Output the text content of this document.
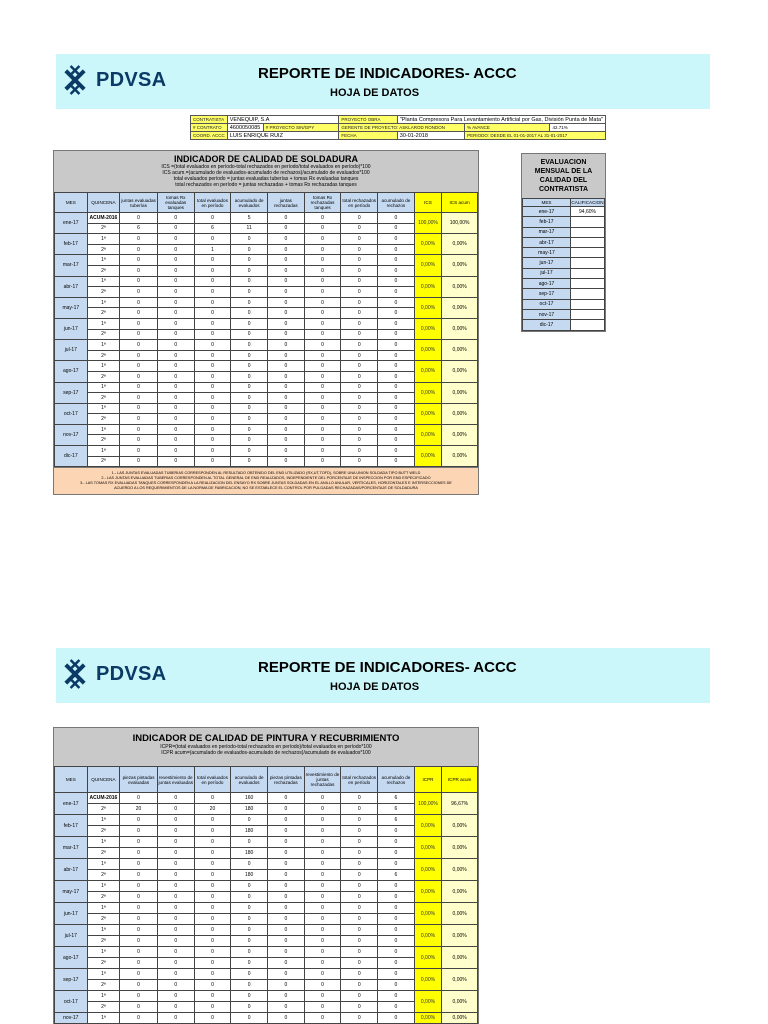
PDVSA	REPORTE DE INDICADORES- ACCC
HOJA DE DATOS
CONTRATISTA	VENEQUIP, S.A		PROYECTO OBRA	"Planta Compresora Para Levantamiento Artificial por Gas, División Punta de Mata"		
# CONTRATO	4600050085	# PROYECTO SIN/GPY	GERENTE DE PROYECTO: ASKLAROD RONDON		% AVANCE	42.71%
COORD. ACCC	LUIS ENRIQUE RUIZ		FECHA	30-01-2018	PERIODO: DESDE EL 01-01-2017 AL 31-01-2017	
INDICADOR DE CALIDAD DE SOLDADURA
ICS =(total evaluados en período-total rechazados en período/total evaluados en período)*100
ICS acum.=(acumulado de evaluados-acumulado de rechazos)/acumulado de evaluados*100
total evaluados período = juntas evaluadas tuberías + tomas Rx evaluadas tanques
total rechazados en período = juntas rechazadas + tomas Rx rechazadas tanques
MES	QUINCENA	juntas evaluadas tuberías	tomas Rx evaluadas tanques	total evaluados en período	acumulado de evaluados	juntas rechazadas	tomas Rx rechazadas tanques	total rechazados en período	acumulado de rechazos	ICS	ICS acum
ene-17	ACUM-2016	0	0	0	5	0	0	0	0	100,00%	100,00%
	2ª	6	0	6	11	0	0	0	0		
feb-17	1ª	0	0	0	0	0	0	0	0	0,00%	0,00%
	2ª	0	0	1	0	0	0	0	0		
mar-17	1ª	0	0	0	0	0	0	0	0	0,00%	0,00%
	2ª	0	0	0	0	0	0	0	0		
abr-17	1ª	0	0	0	0	0	0	0	0	0,00%	0,00%
	2ª	0	0	0	0	0	0	0	0		
may-17	1ª	0	0	0	0	0	0	0	0	0,00%	0,00%
	2ª	0	0	0	0	0	0	0	0		
jun-17	1ª	0	0	0	0	0	0	0	0	0,00%	0,00%
	2ª	0	0	0	0	0	0	0	0		
jul-17	1ª	0	0	0	0	0	0	0	0	0,00%	0,00%
	2ª	0	0	0	0	0	0	0	0		
ago-17	1ª	0	0	0	0	0	0	0	0	0,00%	0,00%
	2ª	0	0	0	0	0	0	0	0		
sep-17	1ª	0	0	0	0	0	0	0	0	0,00%	0,00%
	2ª	0	0	0	0	0	0	0	0		
oct-17	1ª	0	0	0	0	0	0	0	0	0,00%	0,00%
	2ª	0	0	0	0	0	0	0	0		
nov-17	1ª	0	0	0	0	0	0	0	0	0,00%	0,00%
	2ª	0	0	0	0	0	0	0	0		
dic-17	1ª	0	0	0	0	0	0	0	0	0,00%	0,00%
	2ª	0	0	0	0	0	0	0	0		
1.- LAS JUNTAS EVALUADAS TUBERIAS CORRESPONDEN AL RESULTADO OBTENIDO DEL END UTILIZADO (RX,UT,TOFD), SOBRE UNA UNION SOLDADA TIPO BUTT WELD
2.- LAS JUNTAS EVALUADAS TUBERIAS CORRESPONDEN AL TOTAL GENERAL DE END REALIZADOS, INDEPENDIENTE DEL PORCENTAJE DE INSPECCION POR END ESPECIFICADO
3.- LAS TOMAS RX EVALUADAS TANQUES CORRESPONDEN A LA REALIZACION DEL ENSAYO RX SOBRE JUNTAS SOLDADAS EN EL ANILLO ANULAR, VERTICALES, HORIZONTALES E INTERSECCIONES DE
ACUERDO A LOS REQUERIMIENTOS DE LA NORMA DE FABRICACION, NO SE ESTABLECE EL CONTROL POR PULGADAS RECHAZADAS/PORCENTAJE DE SOLDADURA
EVALUACION MENSUAL DE LA CALIDAD DEL CONTRATISTA
MES	CALIFICACION
ene-17	94,60%
feb-17	
mar-17	
abr-17	
may-17	
jun-17	
jul-17	
ago-17	
sep-17	
oct-17	
nov-17	
dic-17	
PDVSA	REPORTE DE INDICADORES- ACCC
HOJA DE DATOS
INDICADOR DE CALIDAD DE PINTURA Y RECUBRIMIENTO
ICPR=(total evaluados en período-total rechazados en período)/total evaluados en período*100
ICPR acum=(acumulado de evaluados-acumulado de rechazos)/acumulado de evaluados*100
MES	QUINCENA	piezas pintadas evaluadas	revestimiento de juntas evaluadas	total evaluados en período	acumulado de evaluados	piezas pintadas rechazadas	revestimiento de juntas rechazadas	total rechazados en período	acumulado de rechazos	ICPR	ICPR acum
ene-17	ACUM-2016	0	0	0	160	0	0	0	6	100,00%	96,67%
	2ª	20	0	20	180	0	0	0	6		
feb-17	1ª	0	0	0	0	0	0	0	6	0,00%	0,00%
	2ª	0	0	0	180	0	0	0	0		
mar-17	1ª	0	0	0	0	0	0	0	0	0,00%	0,00%
	2ª	0	0	0	180	0	0	0	0		
abr-17	1ª	0	0	0	0	0	0	0	0	0,00%	0,00%
	2ª	0	0	0	180	0	0	0	6		
may-17	1ª	0	0	0	0	0	0	0	0	0,00%	0,00%
	2ª	0	0	0	0	0	0	0	0		
jun-17	1ª	0	0	0	0	0	0	0	0	0,00%	0,00%
	2ª	0	0	0	0	0	0	0	0		
jul-17	1ª	0	0	0	0	0	0	0	0	0,00%	0,00%
	2ª	0	0	0	0	0	0	0	0		
ago-17	1ª	0	0	0	0	0	0	0	0	0,00%	0,00%
	2ª	0	0	0	0	0	0	0	0		
sep-17	1ª	0	0	0	0	0	0	0	0	0,00%	0,00%
	2ª	0	0	0	0	0	0	0	0		
oct-17	1ª	0	0	0	0	0	0	0	0	0,00%	0,00%
	2ª	0	0	0	0	0	0	0	0		
nov-17	1ª	0	0	0	0	0	0	0	0	0,00%	0,00%
